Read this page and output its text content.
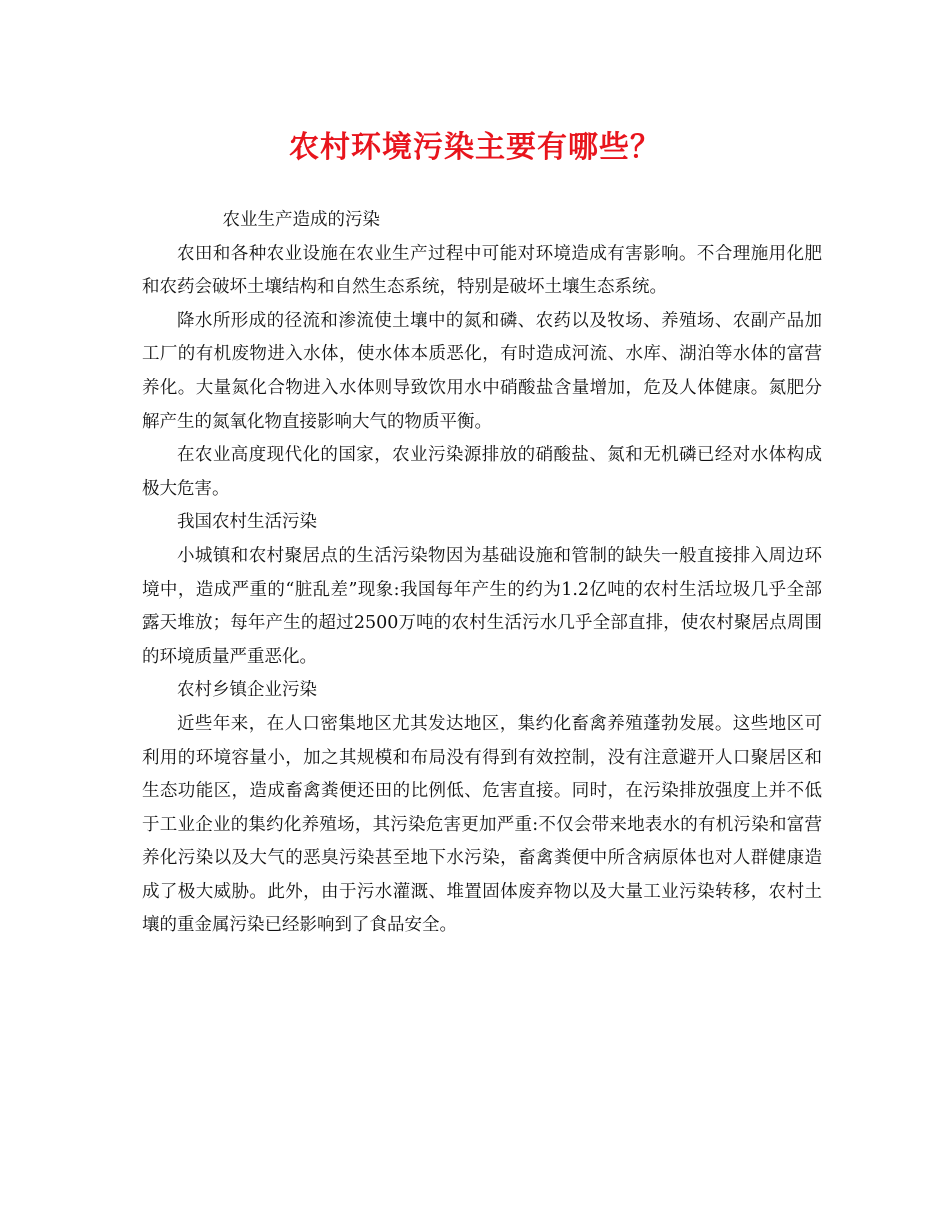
农村环境污染主要有哪些？

农业生产造成的污染

农田和各种农业设施在农业生产过程中可能对环境造成有害影响。不合理施用化肥和农药会破坏土壤结构和自然生态系统，特别是破坏土壤生态系统。

降水所形成的径流和渗流使土壤中的氮和磷、农药以及牧场、养殖场、农副产品加工厂的有机废物进入水体，使水体本质恶化，有时造成河流、水库、湖泊等水体的富营养化。大量氮化合物进入水体则导致饮用水中硝酸盐含量增加，危及人体健康。氮肥分解产生的氮氧化物直接影响大气的物质平衡。

在农业高度现代化的国家，农业污染源排放的硝酸盐、氮和无机磷已经对水体构成极大危害。

我国农村生活污染

小城镇和农村聚居点的生活污染物因为基础设施和管制的缺失一般直接排入周边环境中，造成严重的“脏乱差”现象:我国每年产生的约为1.2亿吨的农村生活垃圾几乎全部露天堆放；每年产生的超过2500万吨的农村生活污水几乎全部直排，使农村聚居点周围的环境质量严重恶化。

农村乡镇企业污染

近些年来，在人口密集地区尤其发达地区，集约化畜禽养殖蓬勃发展。这些地区可利用的环境容量小，加之其规模和布局没有得到有效控制，没有注意避开人口聚居区和生态功能区，造成畜禽粪便还田的比例低、危害直接。同时，在污染排放强度上并不低于工业企业的集约化养殖场，其污染危害更加严重:不仅会带来地表水的有机污染和富营养化污染以及大气的恶臭污染甚至地下水污染，畜禽粪便中所含病原体也对人群健康造成了极大威胁。此外，由于污水灌溉、堆置固体废弃物以及大量工业污染转移，农村土壤的重金属污染已经影响到了食品安全。
